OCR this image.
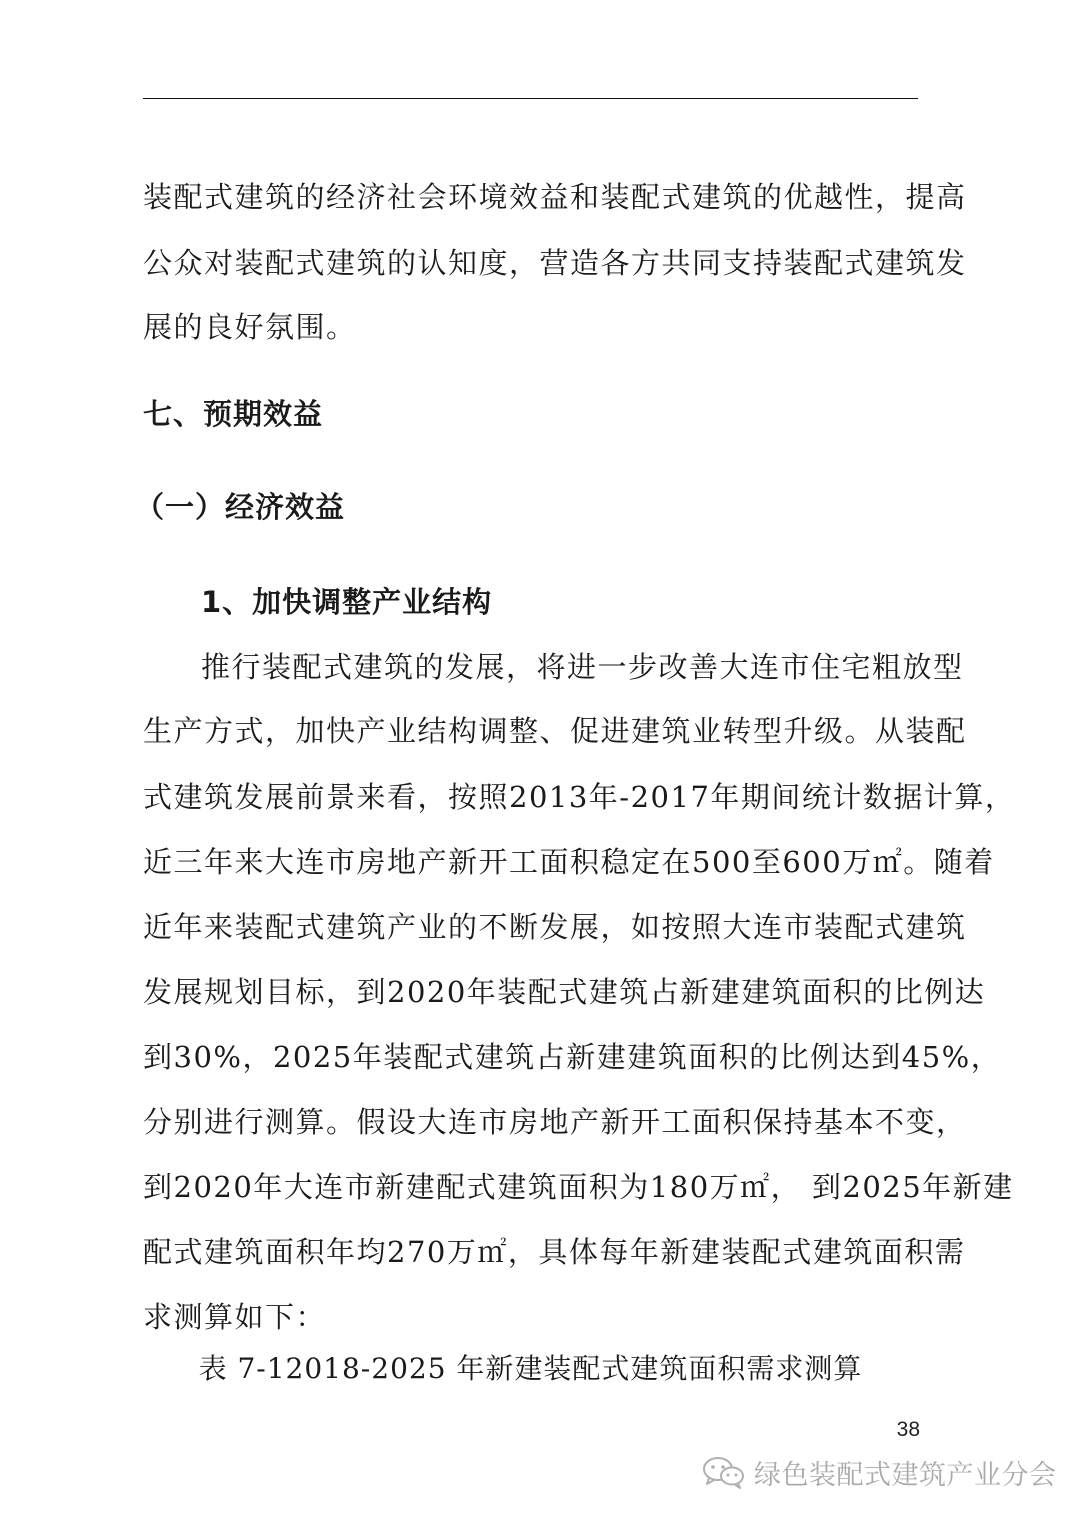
装配式建筑的经济社会环境效益和装配式建筑的优越性，提高
公众对装配式建筑的认知度，营造各方共同支持装配式建筑发
展的良好氛围。
七、预期效益
（一）经济效益
1、加快调整产业结构
推行装配式建筑的发展，将进一步改善大连市住宅粗放型
生产方式，加快产业结构调整、促进建筑业转型升级。从装配
式建筑发展前景来看，按照2013年-2017年期间统计数据计算，
近三年来大连市房地产新开工面积稳定在500至600万㎡。随着
近年来装配式建筑产业的不断发展，如按照大连市装配式建筑
发展规划目标，到2020年装配式建筑占新建建筑面积的比例达
到30%，2025年装配式建筑占新建建筑面积的比例达到45%，
分别进行测算。假设大连市房地产新开工面积保持基本不变，
到2020年大连市新建配式建筑面积为180万㎡， 到2025年新建
配式建筑面积年均270万㎡，具体每年新建装配式建筑面积需
求测算如下：
表 7-12018-2025 年新建装配式建筑面积需求测算
38
绿色装配式建筑产业分会
